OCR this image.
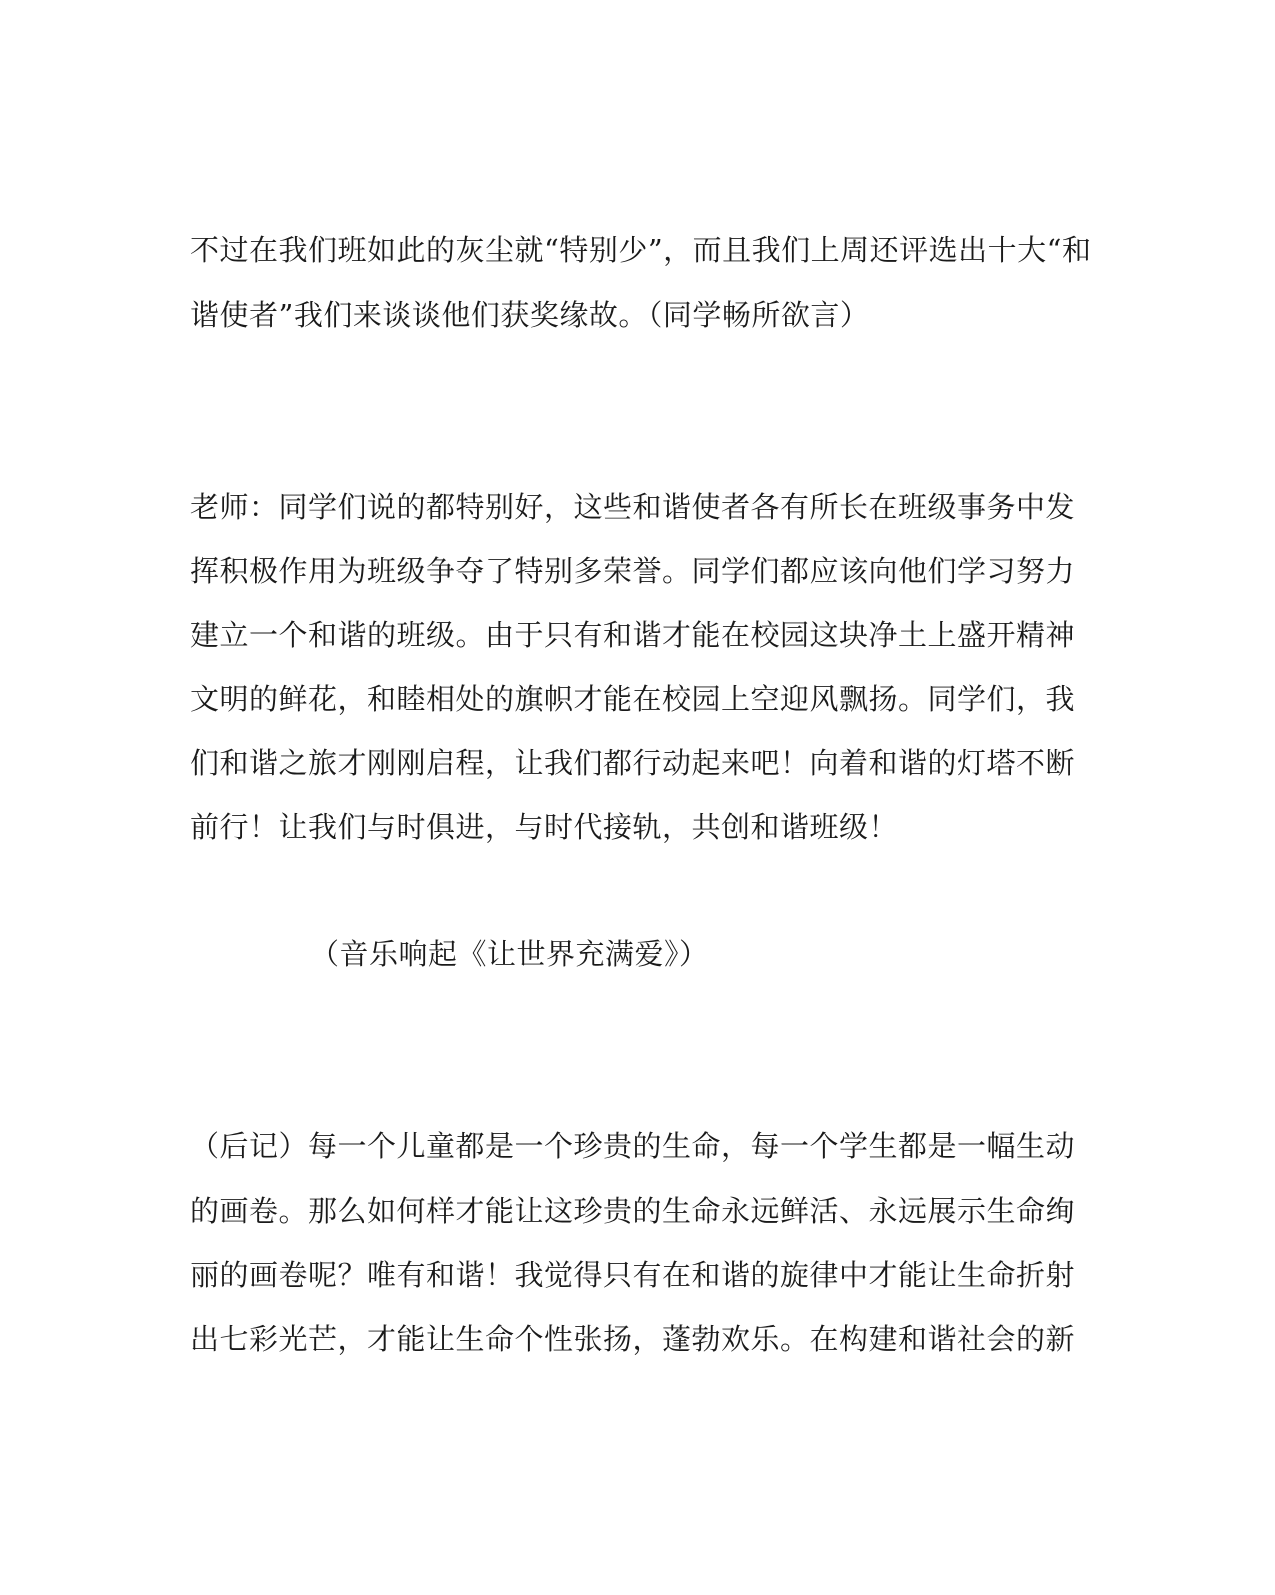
不过在我们班如此的灰尘就“特别少”，而且我们上周还评选出十大“和
谐使者”我们来谈谈他们获奖缘故。（同学畅所欲言）
老师：同学们说的都特别好，这些和谐使者各有所长在班级事务中发
挥积极作用为班级争夺了特别多荣誉。同学们都应该向他们学习努力
建立一个和谐的班级。由于只有和谐才能在校园这块净土上盛开精神
文明的鲜花，和睦相处的旗帜才能在校园上空迎风飘扬。同学们，我
们和谐之旅才刚刚启程，让我们都行动起来吧！向着和谐的灯塔不断
前行！让我们与时俱进，与时代接轨，共创和谐班级！
（音乐响起《让世界充满爱》）
（后记）每一个儿童都是一个珍贵的生命，每一个学生都是一幅生动
的画卷。那么如何样才能让这珍贵的生命永远鲜活、永远展示生命绚
丽的画卷呢？唯有和谐！我觉得只有在和谐的旋律中才能让生命折射
出七彩光芒，才能让生命个性张扬，蓬勃欢乐。在构建和谐社会的新
